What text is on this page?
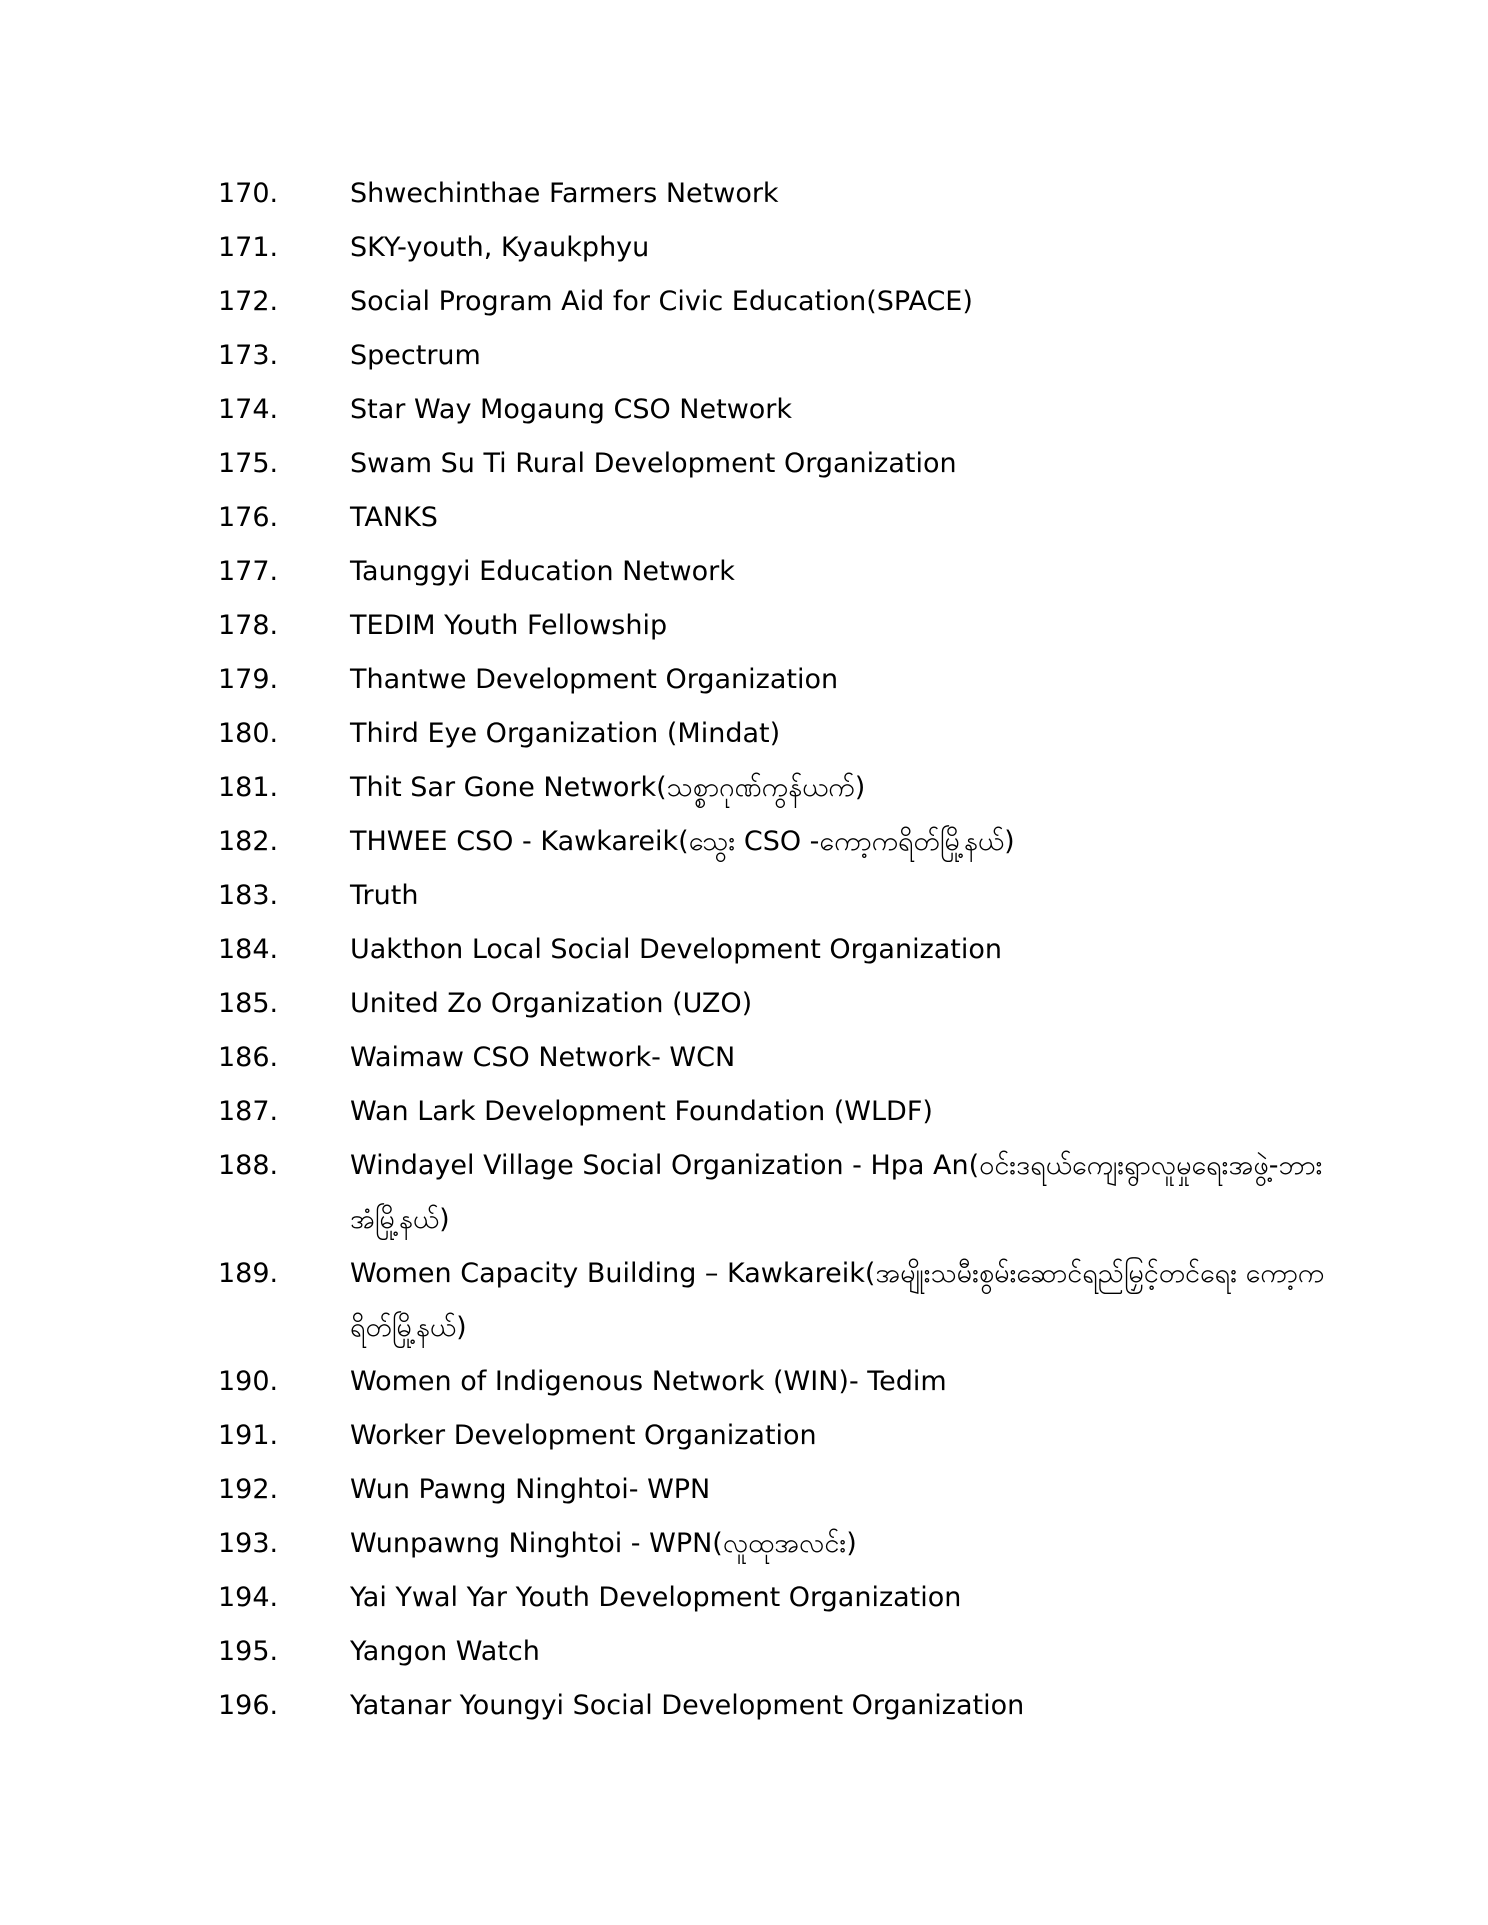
170.	Shwechinthae Farmers Network
171.	SKY-youth, Kyaukphyu
172.	Social Program Aid for Civic Education(SPACE)
173.	Spectrum
174.	Star Way Mogaung CSO Network
175.	Swam Su Ti Rural Development Organization
176.	TANKS
177.	Taunggyi Education Network
178.	TEDIM Youth Fellowship
179.	Thantwe Development Organization
180.	Third Eye Organization (Mindat)
181.	Thit Sar Gone Network(သစ္စာဂုဏ်ကွန်ယက်)
182.	THWEE CSO - Kawkareik(သွေး CSO -ကော့ကရိတ်မြို့နယ်)
183.	Truth
184.	Uakthon Local Social Development Organization
185.	United Zo Organization (UZO)
186.	Waimaw CSO Network- WCN
187.	Wan Lark Development Foundation (WLDF)
188.	Windayel Village Social Organization - Hpa An(ဝင်းဒရယ်ကျေးရွာလူမှုရေးအဖွဲ့-ဘားအံမြို့နယ်)
189.	Women Capacity Building – Kawkareik(အမျိုးသမီးစွမ်းဆောင်ရည်မြှင့်တင်ရေး ကော့ကရိတ်မြို့နယ်)
190.	Women of Indigenous Network (WIN)- Tedim
191.	Worker Development Organization
192.	Wun Pawng Ninghtoi- WPN
193.	Wunpawng Ninghtoi - WPN(လူထုအလင်း)
194.	Yai Ywal Yar Youth Development Organization
195.	Yangon Watch
196.	Yatanar Youngyi Social Development Organization
